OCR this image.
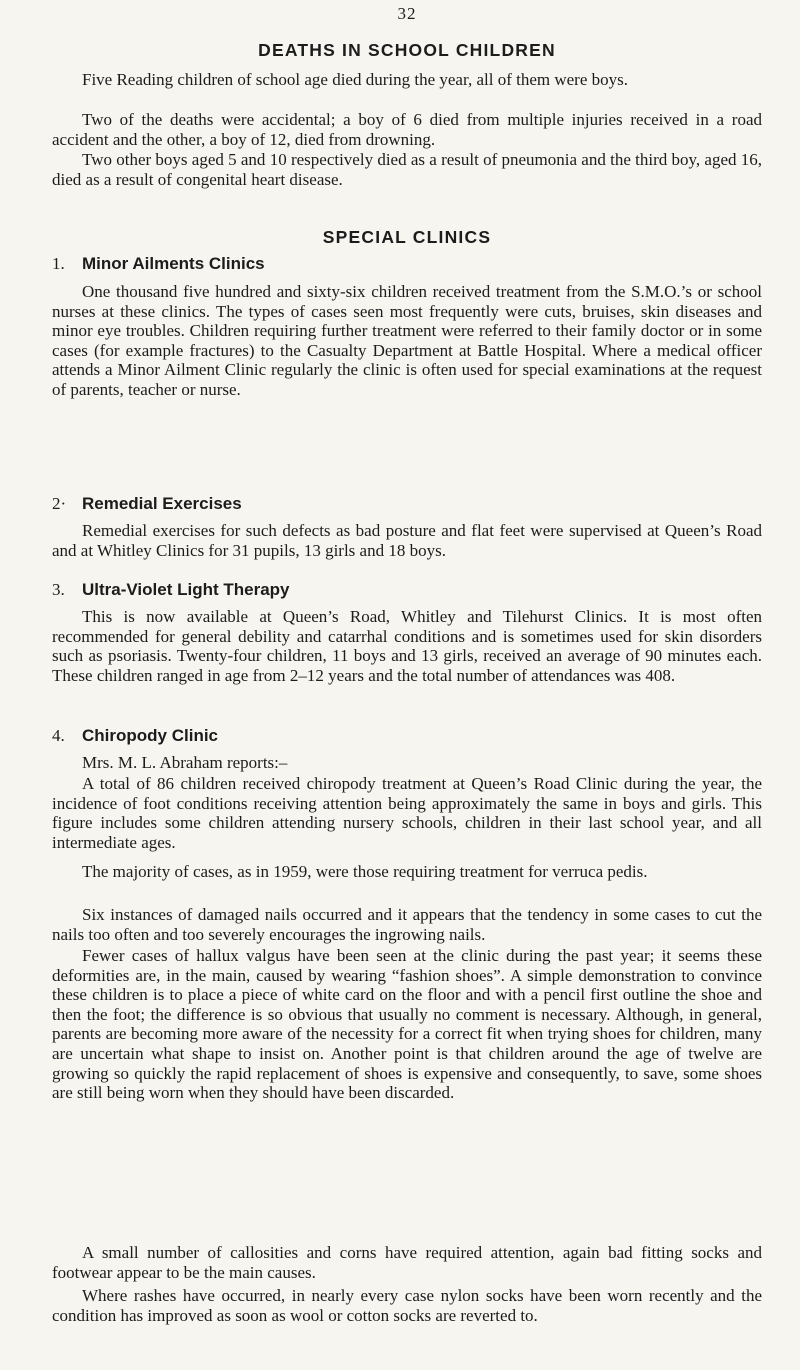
32
DEATHS IN SCHOOL CHILDREN

Five Reading children of school age died during the year, all of them were boys.

Two of the deaths were accidental; a boy of 6 died from multiple injuries received in a road accident and the other, a boy of 12, died from drowning.

Two other boys aged 5 and 10 respectively died as a result of pneumonia and the third boy, aged 16, died as a result of congenital heart disease.

SPECIAL CLINICS
1. Minor Ailments Clinics

One thousand five hundred and sixty-six children received treatment from the S.M.O.’s or school nurses at these clinics. The types of cases seen most frequently were cuts, bruises, skin diseases and minor eye troubles. Children requiring further treatment were referred to their family doctor or in some cases (for example fractures) to the Casualty Department at Battle Hospital. Where a medical officer attends a Minor Ailment Clinic regularly the clinic is often used for special examinations at the request of parents, teacher or nurse.

2· Remedial Exercises

Remedial exercises for such defects as bad posture and flat feet were supervised at Queen’s Road and at Whitley Clinics for 31 pupils, 13 girls and 18 boys.

3. Ultra-Violet Light Therapy

This is now available at Queen’s Road, Whitley and Tilehurst Clinics. It is most often recommended for general debility and catarrhal conditions and is sometimes used for skin disorders such as psoriasis. Twenty-four children, 11 boys and 13 girls, received an average of 90 minutes each. These children ranged in age from 2–12 years and the total number of attendances was 408.

4. Chiropody Clinic

Mrs. M. L. Abraham reports:–

A total of 86 children received chiropody treatment at Queen’s Road Clinic during the year, the incidence of foot conditions receiving attention being approximately the same in boys and girls. This figure includes some children attending nursery schools, children in their last school year, and all intermediate ages.

The majority of cases, as in 1959, were those requiring treatment for verruca pedis.

Six instances of damaged nails occurred and it appears that the tendency in some cases to cut the nails too often and too severely encourages the ingrowing nails.

Fewer cases of hallux valgus have been seen at the clinic during the past year; it seems these deformities are, in the main, caused by wearing “fashion shoes”. A simple demonstration to convince these children is to place a piece of white card on the floor and with a pencil first outline the shoe and then the foot; the difference is so obvious that usually no comment is necessary. Although, in general, parents are becoming more aware of the necessity for a correct fit when trying shoes for children, many are uncertain what shape to insist on. Another point is that children around the age of twelve are growing so quickly the rapid replacement of shoes is expensive and consequently, to save, some shoes are still being worn when they should have been discarded.

A small number of callosities and corns have required attention, again bad fitting socks and footwear appear to be the main causes.

Where rashes have occurred, in nearly every case nylon socks have been worn recently and the condition has improved as soon as wool or cotton socks are reverted to.
